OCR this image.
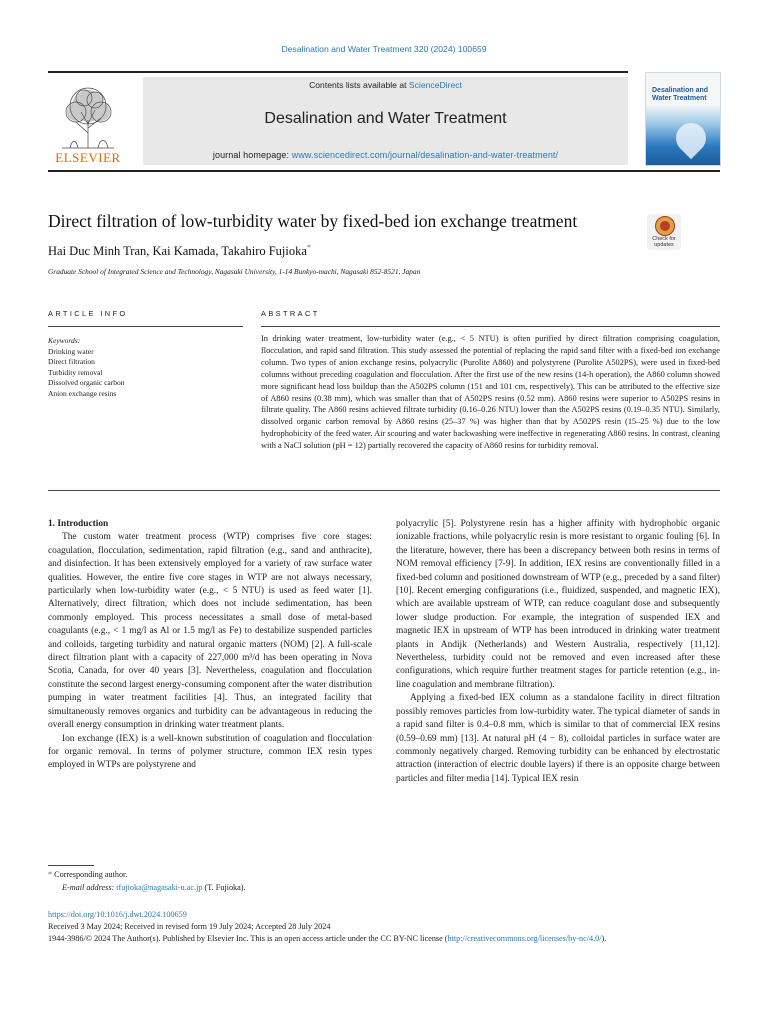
Desalination and Water Treatment 320 (2024) 100659
ELSEVIER
Contents lists available at ScienceDirect
Desalination and Water Treatment
journal homepage: www.sciencedirect.com/journal/desalination-and-water-treatment/
Desalination and Water Treatment
Direct filtration of low-turbidity water by fixed-bed ion exchange treatment
Check for updates
Hai Duc Minh Tran, Kai Kamada, Takahiro Fujioka*
Graduate School of Integrated Science and Technology, Nagasaki University, 1-14 Bunkyo-machi, Nagasaki 852-8521, Japan
ARTICLE INFO	ABSTRACT
Keywords:
Drinking water
Direct filtration
Turbidity removal
Dissolved organic carbon
Anion exchange resins
In drinking water treatment, low-turbidity water (e.g., < 5 NTU) is often purified by direct filtration comprising coagulation, flocculation, and rapid sand filtration. This study assessed the potential of replacing the rapid sand filter with a fixed-bed ion exchange column. Two types of anion exchange resins, polyacrylic (Purolite A860) and polystyrene (Purolite A502PS), were used in fixed-bed columns without preceding coagulation and flocculation. After the first use of the new resins (14-h operation), the A860 column showed more significant head loss buildup than the A502PS column (151 and 101 cm, respectively). This can be attributed to the effective size of A860 resins (0.38 mm), which was smaller than that of A502PS resins (0.52 mm). A860 resins were superior to A502PS resins in filtrate quality. The A860 resins achieved filtrate turbidity (0.16–0.26 NTU) lower than the A502PS resins (0.19–0.35 NTU). Similarly, dissolved organic carbon removal by A860 resins (25–37 %) was higher than that by A502PS resin (15–25 %) due to the low hydrophobicity of the feed water. Air scouring and water backwashing were ineffective in regenerating A860 resins. In contrast, cleaning with a NaCl solution (pH = 12) partially recovered the capacity of A860 resins for turbidity removal.

1. Introduction

The custom water treatment process (WTP) comprises five core stages: coagulation, flocculation, sedimentation, rapid filtration (e.g., sand and anthracite), and disinfection. It has been extensively employed for a variety of raw surface water qualities. However, the entire five core stages in WTP are not always necessary, particularly when low-turbidity water (e.g., < 5 NTU) is used as feed water [1]. Alternatively, direct filtration, which does not include sedimentation, has been commonly employed. This process necessitates a small dose of metal-based coagulants (e.g., < 1 mg/l as Al or 1.5 mg/l as Fe) to destabilize suspended particles and colloids, targeting turbidity and natural organic matters (NOM) [2]. A full-scale direct filtration plant with a capacity of 227,000 m³/d has been operating in Nova Scotia, Canada, for over 40 years [3]. Nevertheless, coagulation and flocculation constitute the second largest energy-consuming component after the water distribution pumping in water treatment facilities [4]. Thus, an integrated facility that simultaneously removes organics and turbidity can be advantageous in reducing the overall energy consumption in drinking water treatment plants.

Ion exchange (IEX) is a well-known substitution of coagulation and flocculation for organic removal. In terms of polymer structure, common IEX resin types employed in WTPs are polystyrene and

polyacrylic [5]. Polystyrene resin has a higher affinity with hydrophobic organic ionizable fractions, while polyacrylic resin is more resistant to organic fouling [6]. In the literature, however, there has been a discrepancy between both resins in terms of NOM removal efficiency [7-9]. In addition, IEX resins are conventionally filled in a fixed-bed column and positioned downstream of WTP (e.g., preceded by a sand filter) [10]. Recent emerging configurations (i.e., fluidized, suspended, and magnetic IEX), which are available upstream of WTP, can reduce coagulant dose and subsequently lower sludge production. For example, the integration of suspended IEX and magnetic IEX in upstream of WTP has been introduced in drinking water treatment plants in Andijk (Netherlands) and Western Australia, respectively [11,12]. Nevertheless, turbidity could not be removed and even increased after these configurations, which require further treatment stages for particle retention (e.g., in-line coagulation and membrane filtration).

Applying a fixed-bed IEX column as a standalone facility in direct filtration possibly removes particles from low-turbidity water. The typical diameter of sands in a rapid sand filter is 0.4–0.8 mm, which is similar to that of commercial IEX resins (0.59–0.69 mm) [13]. At natural pH (4 − 8), colloidal particles in surface water are commonly negatively charged. Removing turbidity can be enhanced by electrostatic attraction (interaction of electric double layers) if there is an opposite charge between particles and filter media [14]. Typical IEX resin

* Corresponding author.
E-mail address: tfujioka@nagasaki-u.ac.jp (T. Fujioka).
https://doi.org/10.1016/j.dwt.2024.100659
Received 3 May 2024; Received in revised form 19 July 2024; Accepted 28 July 2024
1944-3986/© 2024 The Author(s). Published by Elsevier Inc. This is an open access article under the CC BY-NC license (http://creativecommons.org/licenses/by-nc/4.0/).
